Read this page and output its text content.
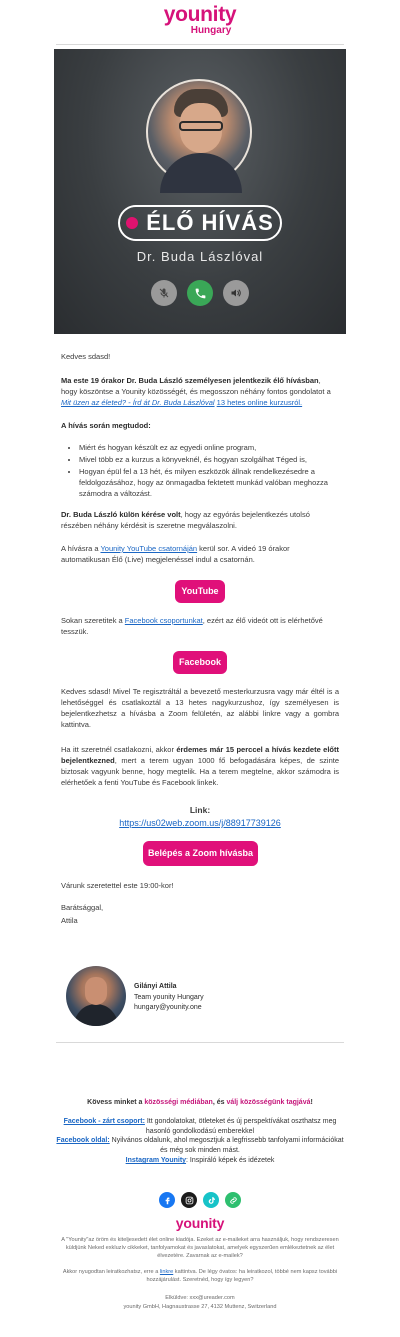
younity
Hungary
ÉLŐ HÍVÁS
Dr. Buda Lászlóval
Kedves sdasd!
Ma este 19 órakor Dr. Buda László személyesen jelentkezik élő hívásban, hogy köszöntse a Younity közösségét, és megosszon néhány fontos gondolatot a Mit üzen az életed? - Írd át Dr. Buda Lászlóval 13 hetes online kurzusról.
A hívás során megtudod:
• Miért és hogyan készült ez az egyedi online program,
• Mivel több ez a kurzus a könyveknél, és hogyan szolgálhat Téged is,
• Hogyan épül fel a 13 hét, és milyen eszközök állnak rendelkezésedre a feldolgozásához, hogy az önmagadba fektetett munkád valóban meghozza számodra a változást.
Dr. Buda László külön kérése volt, hogy az egyórás bejelentkezés utolsó részében néhány kérdésit is szeretne megválaszolni.
A hívásra a Younity YouTube csatornáján kerül sor. A videó 19 órakor automatikusan Élő (Live) megjelenéssel indul a csatornán.
YouTube
Sokan szeretitek a Facebook csoportunkat, ezért az élő videót ott is elérhetővé tesszük.
Facebook
Kedves sdasd! Mivel Te regisztráltál a bevezető mesterkurzusra vagy már éltél is a lehetőséggel és csatlakoztál a 13 hetes nagykurzushoz, így személyesen is bejelentkezhetsz a hívásba a Zoom felületén, az alábbi linkre vagy a gombra kattintva.
Ha itt szeretnél csatlakozni, akkor érdemes már 15 perccel a hívás kezdete előtt bejelentkezned, mert a terem ugyan 1000 fő befogadására képes, de szinte biztosak vagyunk benne, hogy megtelik. Ha a terem megtelne, akkor számodra is elérhetőek a fenti YouTube és Facebook linkek.
Link:
https://us02web.zoom.us/j/88917739126
Belépés a Zoom hívásba
Várunk szeretettel este 19:00-kor!
Barátsággal,
Attila
Gilányi Attila
Team younity Hungary
hungary@younity.one
Kövess minket a közösségi médiában, és válj közösségünk tagjává!
Facebook - zárt csoport: Itt gondolatokat, ötleteket és új perspektívákat oszthatsz meg hasonló gondolkodású emberekkel
Facebook oldal: Nyilvános oldalunk, ahol megosztjuk a legfrissebb tanfolyami információkat és még sok minden mást.
Instagram Younity: Inspiráló képek és idézetek
younity
A "Younity"az öröm és kiteljesedett élet online kiadója. Ezeket az e-maileket arra használjuk, hogy rendszeresen küldjünk Neked exkluzív cikkeket, tanfolyamokat és javaslatokat, amelyek egyszerűen emlékeztetnek az élet élvezetére. Zavarnak az e-mailek?
Akkor nyugodtan leiratkozhatsz, erre a linkre kattintva. De légy óvatos: ha leiratkozol, többé nem kapsz további hozzájárulást. Szeretnéd, hogy így legyen?
Elküldve: xxx@ureader.com
younity GmbH, Hagnaustrasse 27, 4132 Muttenz, Switzerland
